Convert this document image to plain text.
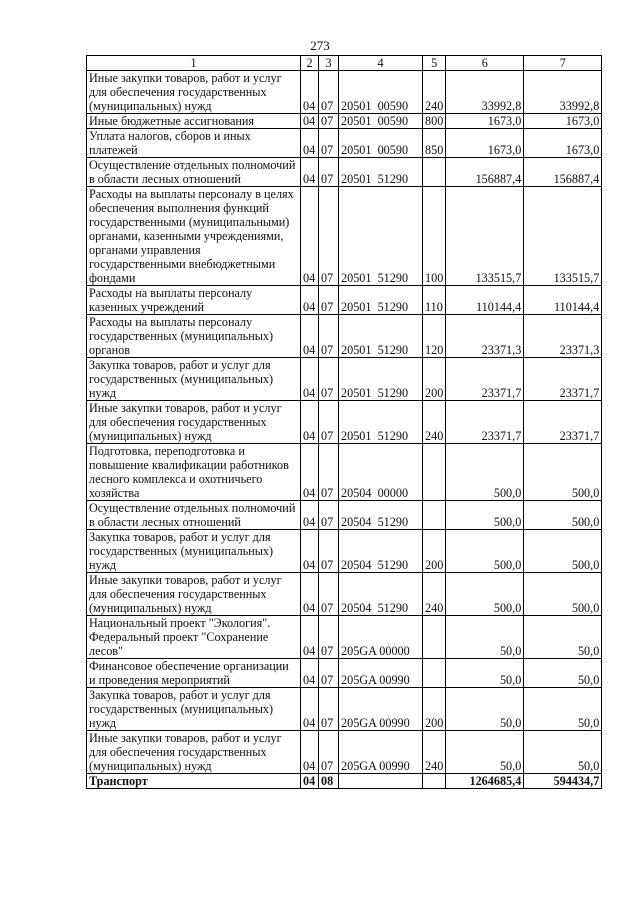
273
1	2	3	4	5	6	7
Иные закупки товаров, работ и услуг для обеспечения государственных (муниципальных) нужд	04	07	20501  00590	240	33992,8	33992,8
Иные бюджетные ассигнования	04	07	20501  00590	800	1673,0	1673,0
Уплата налогов, сборов и иных платежей	04	07	20501  00590	850	1673,0	1673,0
Осуществление отдельных полномочий в области лесных отношений	04	07	20501  51290		156887,4	156887,4
Расходы на выплаты персоналу в целях обеспечения выполнения функций государственными (муниципальными) органами, казенными учреждениями, органами управления государственными внебюджетными фондами	04	07	20501  51290	100	133515,7	133515,7
Расходы на выплаты персоналу казенных учреждений	04	07	20501  51290	110	110144,4	110144,4
Расходы на выплаты персоналу государственных (муниципальных) органов	04	07	20501  51290	120	23371,3	23371,3
Закупка товаров, работ и услуг для государственных (муниципальных) нужд	04	07	20501  51290	200	23371,7	23371,7
Иные закупки товаров, работ и услуг для обеспечения государственных (муниципальных) нужд	04	07	20501  51290	240	23371,7	23371,7
Подготовка, переподготовка и повышение квалификации работников лесного комплекса и охотничьего хозяйства	04	07	20504  00000		500,0	500,0
Осуществление отдельных полномочий в области лесных отношений	04	07	20504  51290		500,0	500,0
Закупка товаров, работ и услуг для государственных (муниципальных) нужд	04	07	20504  51290	200	500,0	500,0
Иные закупки товаров, работ и услуг для обеспечения государственных (муниципальных) нужд	04	07	20504  51290	240	500,0	500,0
Национальный проект "Экология". Федеральный проект "Сохранение лесов"	04	07	205GA 00000		50,0	50,0
Финансовое обеспечение организации и проведения мероприятий	04	07	205GA 00990		50,0	50,0
Закупка товаров, работ и услуг для государственных (муниципальных) нужд	04	07	205GA 00990	200	50,0	50,0
Иные закупки товаров, работ и услуг для обеспечения государственных (муниципальных) нужд	04	07	205GA 00990	240	50,0	50,0
Транспорт	04	08			1264685,4	594434,7
